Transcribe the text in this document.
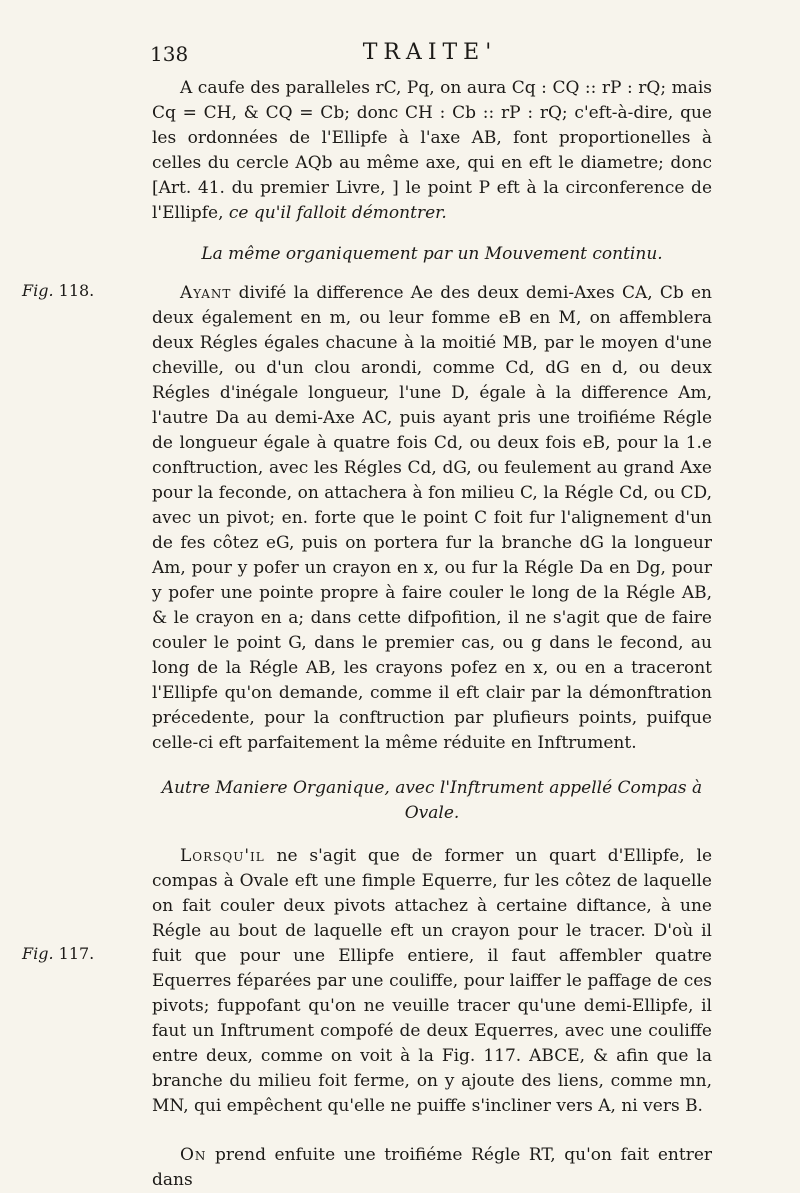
138	TRAITE'

A caufe des paralleles rC, Pq, on aura Cq : CQ :: rP : rQ; mais Cq = CH, & CQ = Cb; donc CH : Cb :: rP : rQ; c'eft-à-dire, que les ordonnées de l'Ellipfe à l'axe AB, font proportionelles à celles du cercle AQb au même axe, qui en eft le diametre; donc [Art. 41. du premier Livre, ] le point P eft à la circonference de l'Ellipfe, ce qu'il falloit démontrer.

La même organiquement par un Mouvement continu.
Fig. 118.	Ayant divifé la difference Ae des deux demi-Axes CA, Cb en deux également en m, ou leur fomme eB en M, on affemblera deux Régles égales chacune à la moitié MB, par le moyen d'une cheville, ou d'un clou arondi, comme Cd, dG en d, ou deux Régles d'inégale longueur, l'une D, égale à la difference Am, l'autre Da au demi-Axe AC, puis ayant pris une troifiéme Régle de longueur égale à quatre fois Cd, ou deux fois eB, pour la 1.e conftruction, avec les Régles Cd, dG, ou feulement au grand Axe pour la feconde, on attachera à fon milieu C, la Régle Cd, ou CD, avec un pivot; en. forte que le point C foit fur l'alignement d'un de fes côtez eG, puis on portera fur la branche dG la longueur Am, pour y pofer un crayon en x, ou fur la Régle Da en Dg, pour y pofer une pointe propre à faire couler le long de la Régle AB, & le crayon en a; dans cette difpofition, il ne s'agit que de faire couler le point G, dans le premier cas, ou g dans le fecond, au long de la Régle AB, les crayons pofez en x, ou en a traceront l'Ellipfe qu'on demande, comme il eft clair par la démonftration précedente, pour la conftruction par plufieurs points, puifque celle-ci eft parfaitement la même réduite en Inftrument.

Autre Maniere Organique, avec l'Inftrument appellé Compas à Ovale.
Fig. 117.

Lorsqu'il ne s'agit que de former un quart d'Ellipfe, le compas à Ovale eft une fimple Equerre, fur les côtez de laquelle on fait couler deux pivots attachez à certaine diftance, à une Régle au bout de laquelle eft un crayon pour le tracer. D'où il fuit que pour une Ellipfe entiere, il faut affembler quatre Equerres féparées par une couliffe, pour laiffer le paffage de ces pivots; fuppofant qu'on ne veuille tracer qu'une demi-Ellipfe, il faut un Inftrument compofé de deux Equerres, avec une couliffe entre deux, comme on voit à la Fig. 117. ABCE, & afin que la branche du milieu foit ferme, on y ajoute des liens, comme mn, MN, qui empêchent qu'elle ne puiffe s'incliner vers A, ni vers B.

On prend enfuite une troifiéme Régle RT, qu'on fait entrer dans
